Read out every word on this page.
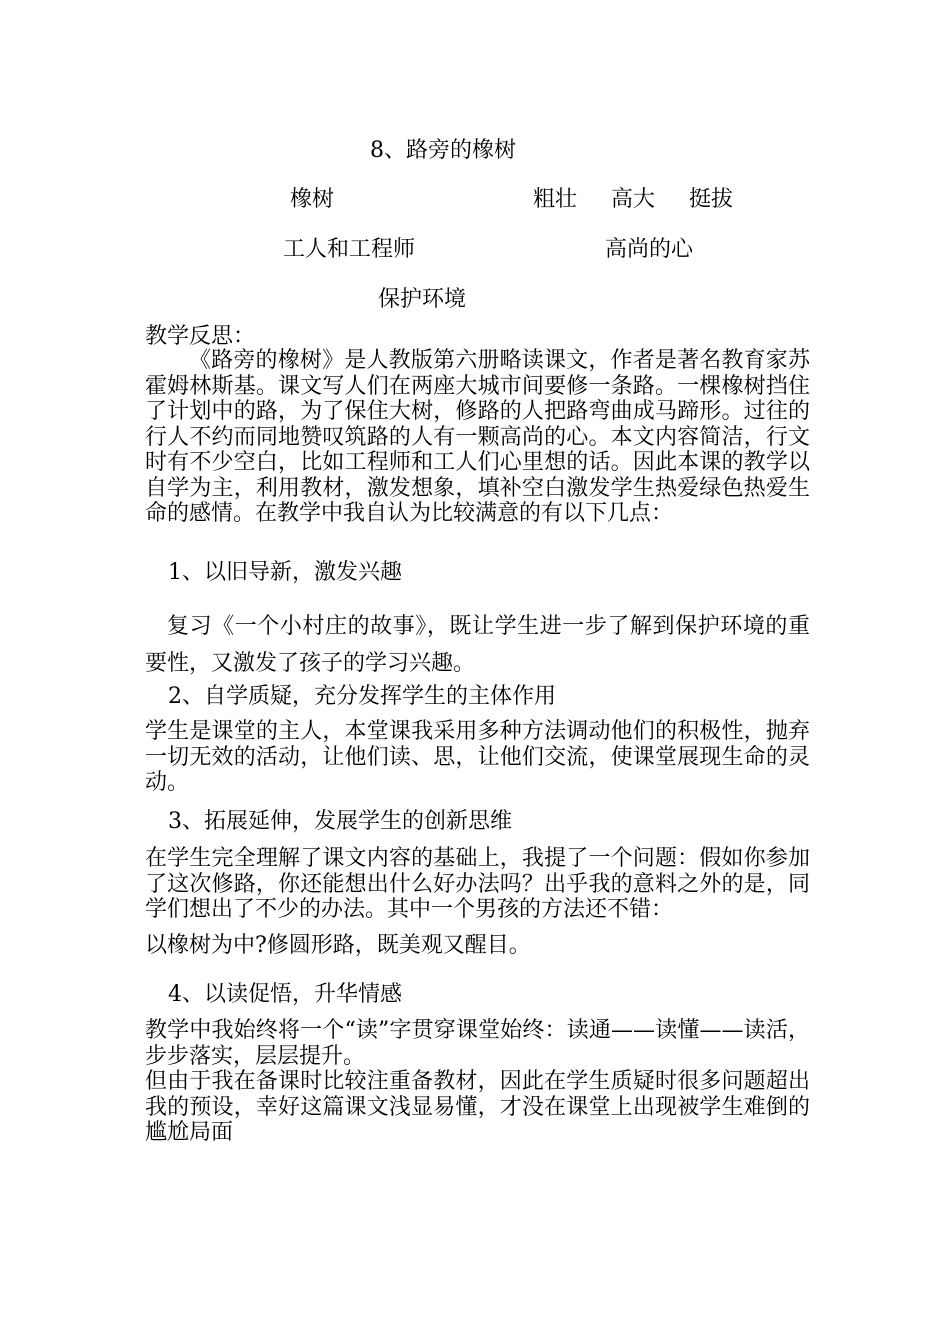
8、路旁的橡树
橡树	粗壮 高大 挺拔
工人和工程师	高尚的心
保护环境
教学反思：
《路旁的橡树》是人教版第六册略读课文，作者是著名教育家苏霍姆林斯基。课文写人们在两座大城市间要修一条路。一棵橡树挡住了计划中的路，为了保住大树，修路的人把路弯曲成马蹄形。过往的行人不约而同地赞叹筑路的人有一颗高尚的心。本文内容简洁，行文时有不少空白，比如工程师和工人们心里想的话。因此本课的教学以自学为主，利用教材，激发想象，填补空白激发学生热爱绿色热爱生命的感情。在教学中我自认为比较满意的有以下几点：
1、以旧导新，激发兴趣
复习《一个小村庄的故事》，既让学生进一步了解到保护环境的重要性，又激发了孩子的学习兴趣。
2、自学质疑，充分发挥学生的主体作用
学生是课堂的主人，本堂课我采用多种方法调动他们的积极性，抛弃一切无效的活动，让他们读、思，让他们交流，使课堂展现生命的灵动。
3、拓展延伸，发展学生的创新思维
在学生完全理解了课文内容的基础上，我提了一个问题：假如你参加了这次修路，你还能想出什么好办法吗？出乎我的意料之外的是，同学们想出了不少的办法。其中一个男孩的方法还不错：
以橡树为中?修圆形路，既美观又醒目。
4、以读促悟，升华情感
教学中我始终将一个“读”字贯穿课堂始终：读通——读懂——读活，步步落实，层层提升。
但由于我在备课时比较注重备教材，因此在学生质疑时很多问题超出我的预设，幸好这篇课文浅显易懂，才没在课堂上出现被学生难倒的尴尬局面
